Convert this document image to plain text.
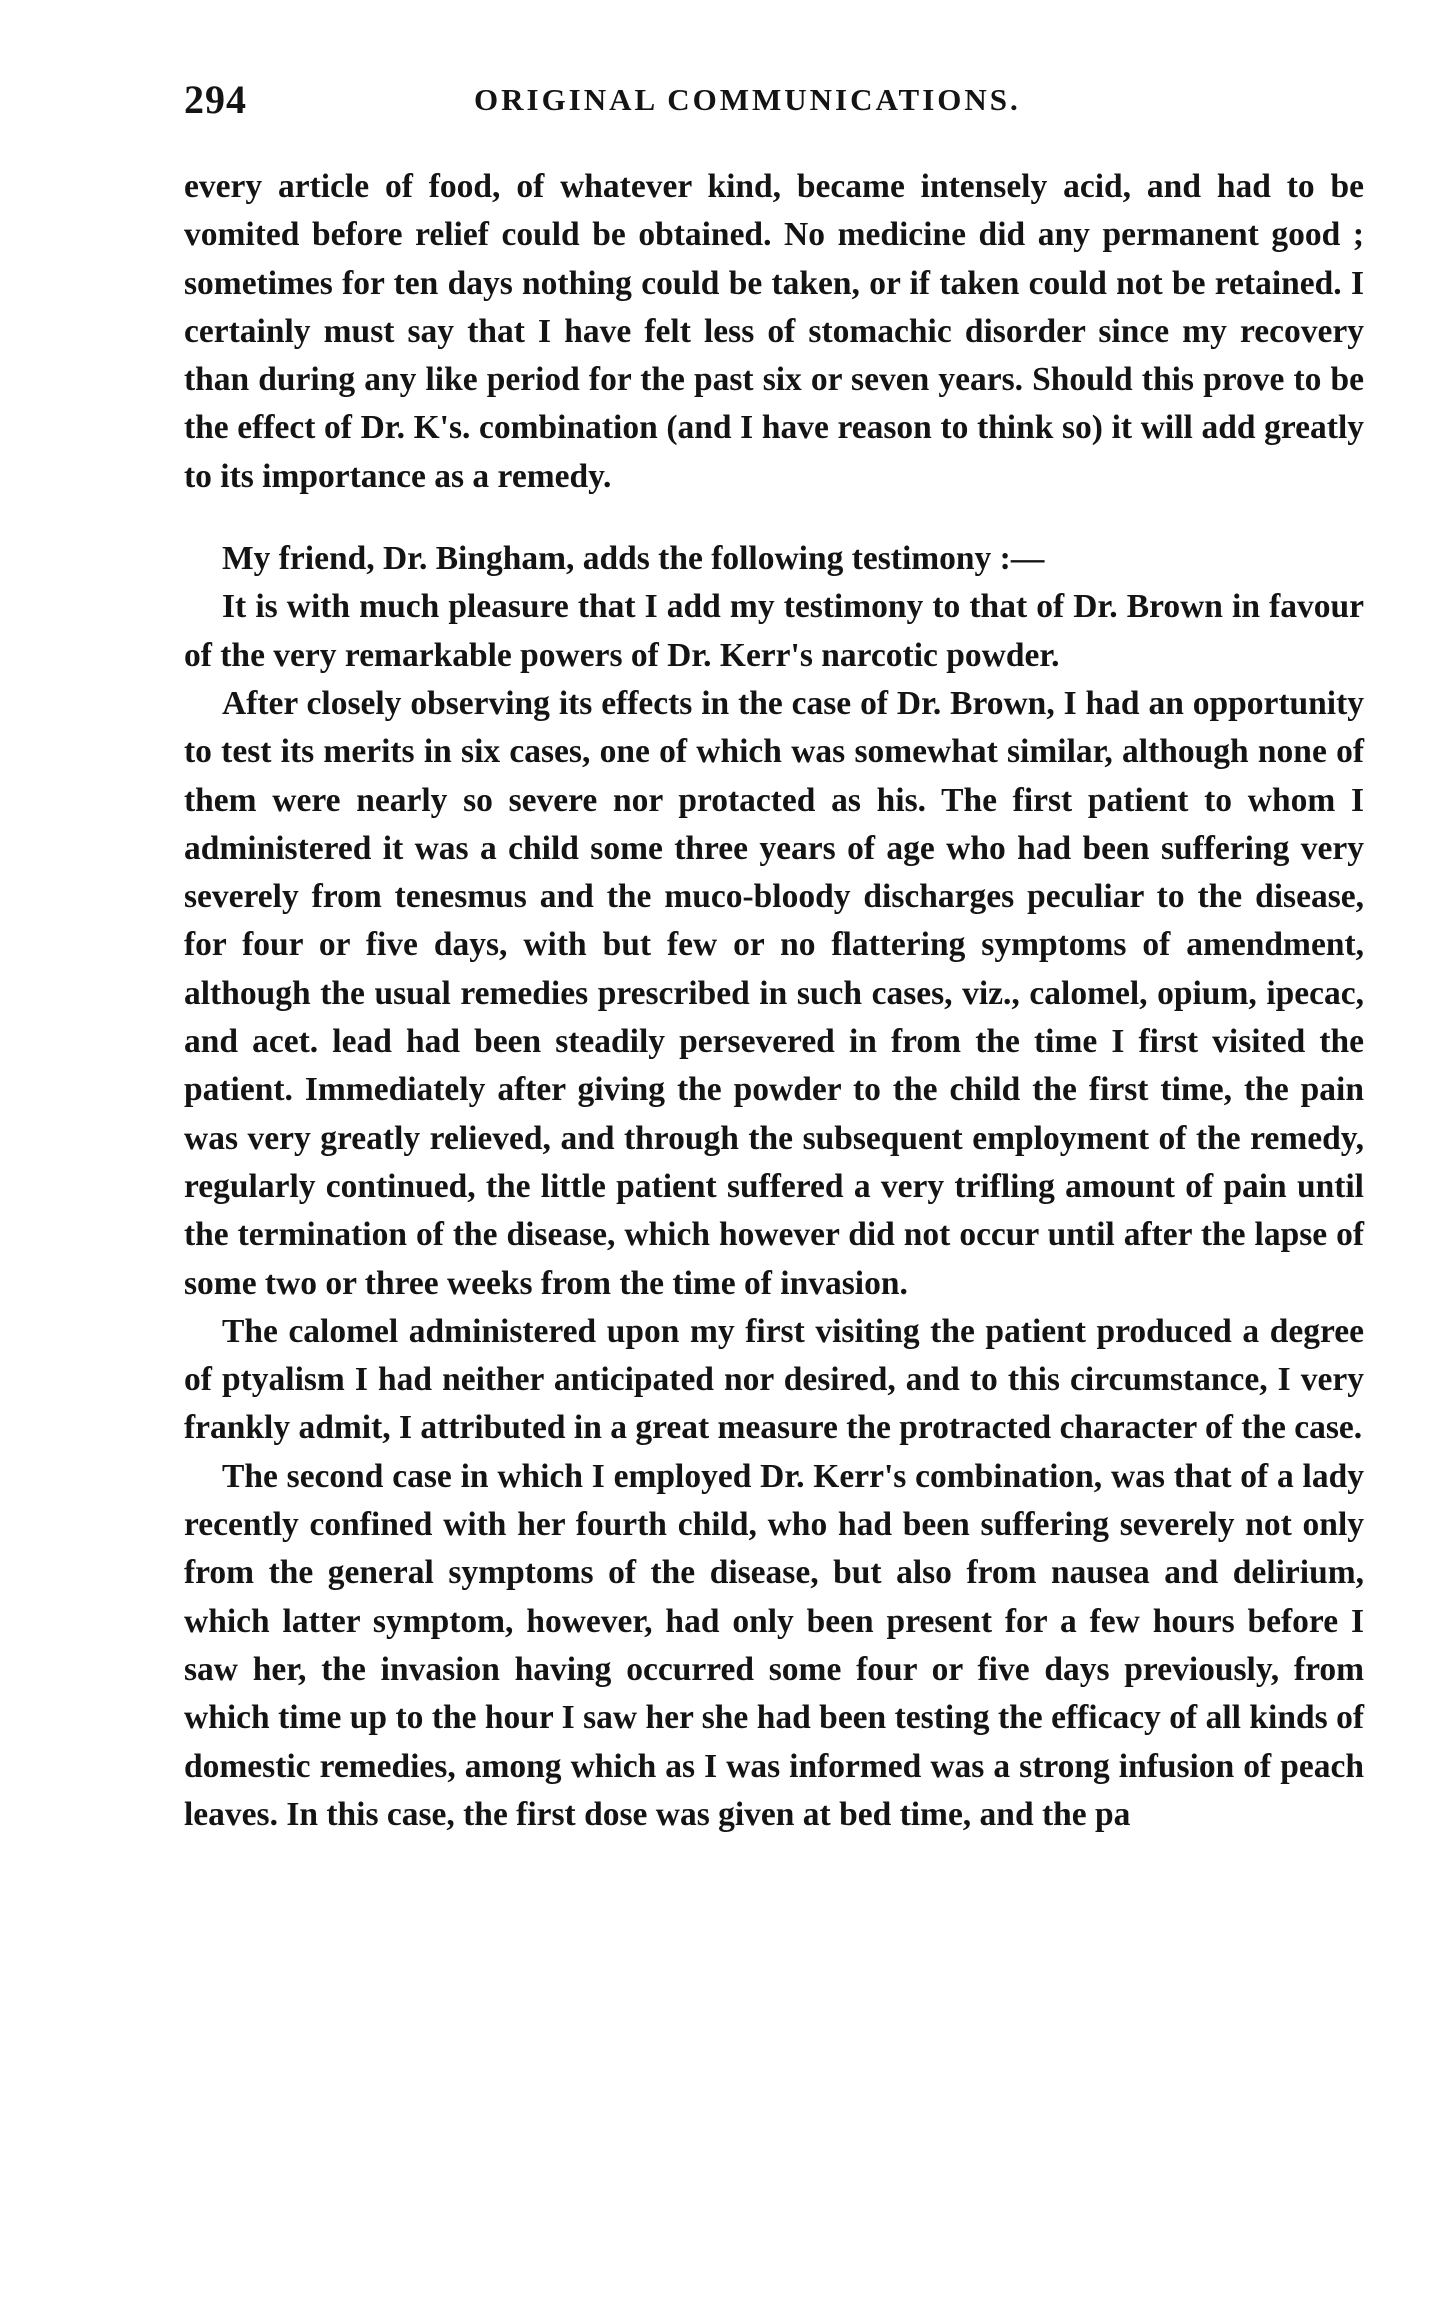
294	ORIGINAL COMMUNICATIONS.

every article of food, of whatever kind, became intensely acid, and had to be vomited before relief could be obtained. No medicine did any permanent good ; sometimes for ten days nothing could be taken, or if taken could not be retained. I certainly must say that I have felt less of stomachic disorder since my recovery than during any like period for the past six or seven years. Should this prove to be the effect of Dr. K's. combination (and I have reason to think so) it will add greatly to its importance as a remedy.

My friend, Dr. Bingham, adds the following testimony :—

It is with much pleasure that I add my testimony to that of Dr. Brown in favour of the very remarkable powers of Dr. Kerr's narcotic powder.

After closely observing its effects in the case of Dr. Brown, I had an opportunity to test its merits in six cases, one of which was somewhat similar, although none of them were nearly so severe nor protacted as his. The first patient to whom I administered it was a child some three years of age who had been suffering very severely from tenesmus and the muco-bloody discharges peculiar to the disease, for four or five days, with but few or no flattering symptoms of amendment, although the usual remedies prescribed in such cases, viz., calomel, opium, ipecac, and acet. lead had been steadily persevered in from the time I first visited the patient. Immediately after giving the powder to the child the first time, the pain was very greatly relieved, and through the subsequent employment of the remedy, regularly continued, the little patient suffered a very trifling amount of pain until the termination of the disease, which however did not occur until after the lapse of some two or three weeks from the time of invasion.

The calomel administered upon my first visiting the patient produced a degree of ptyalism I had neither anticipated nor desired, and to this circumstance, I very frankly admit, I attributed in a great measure the protracted character of the case.

The second case in which I employed Dr. Kerr's combination, was that of a lady recently confined with her fourth child, who had been suffering severely not only from the general symptoms of the disease, but also from nausea and delirium, which latter symptom, however, had only been present for a few hours before I saw her, the invasion having occurred some four or five days previously, from which time up to the hour I saw her she had been testing the efficacy of all kinds of domestic remedies, among which as I was informed was a strong infusion of peach leaves. In this case, the first dose was given at bed time, and the pa
